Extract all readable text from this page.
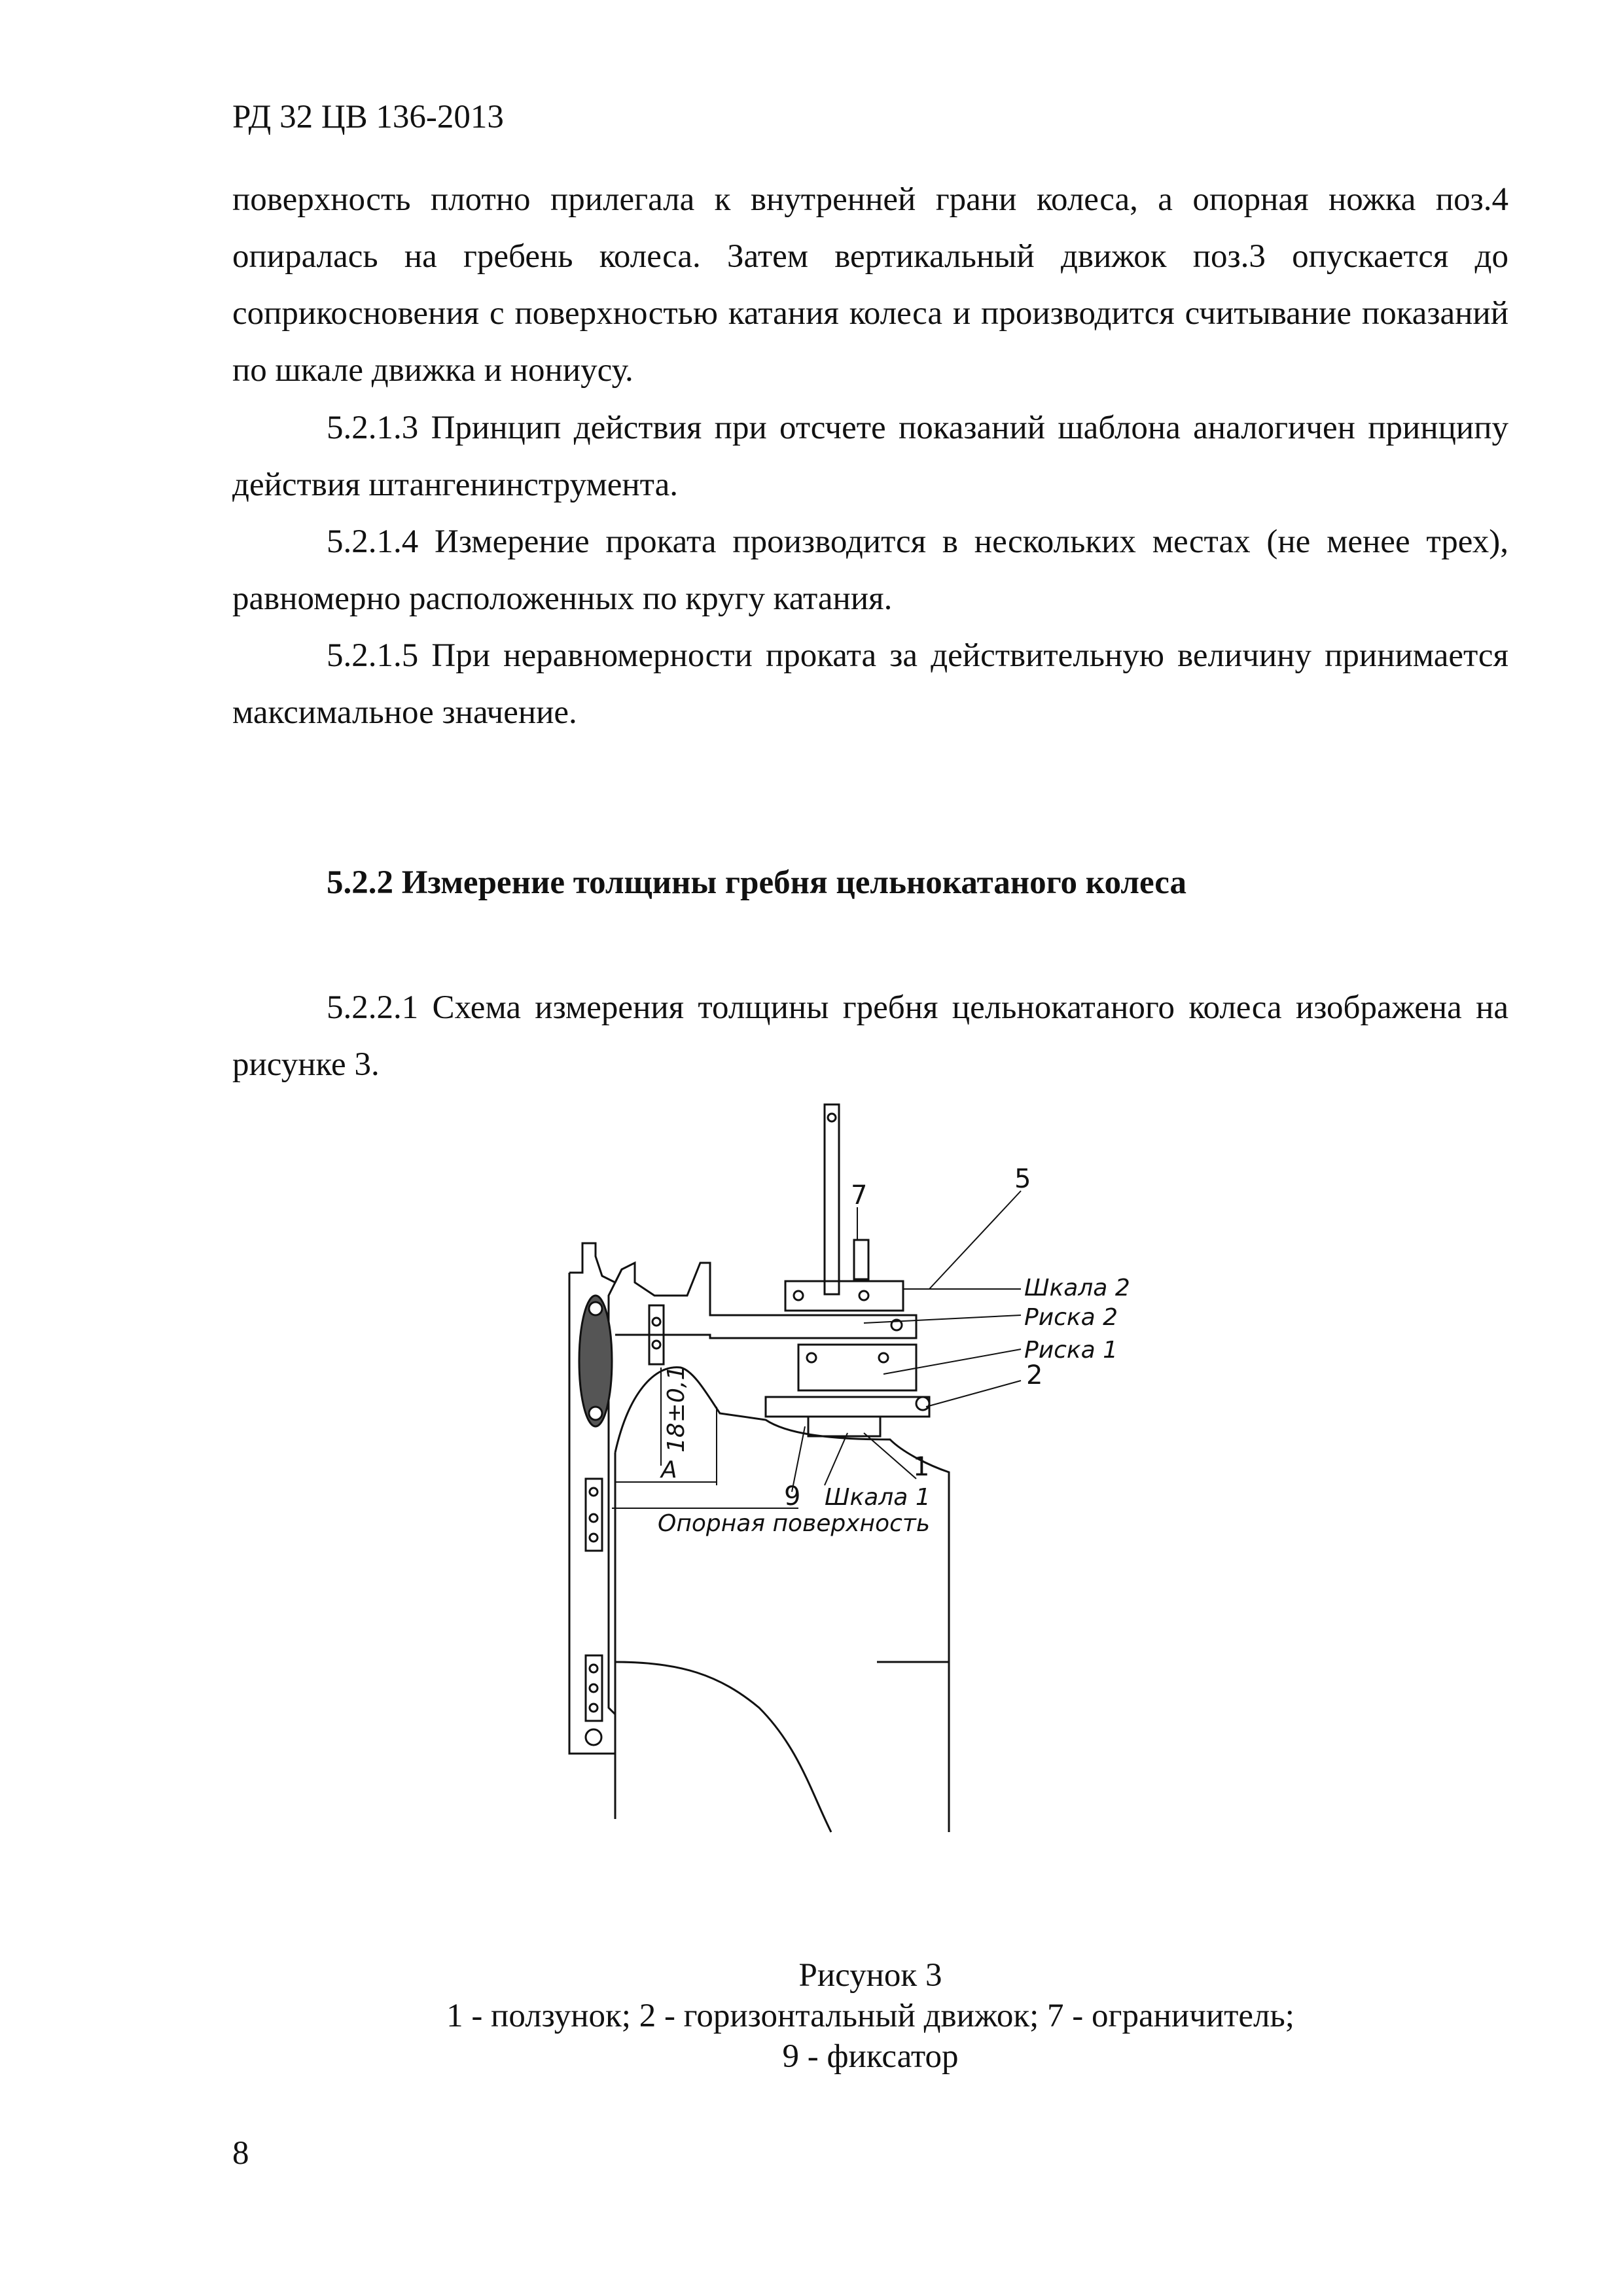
РД 32 ЦВ 136-2013
поверхность плотно прилегала к внутренней грани колеса, а опорная ножка поз.4 опиралась на гребень колеса. Затем вертикальный движок поз.3 опускается до соприкосновения с поверхностью катания колеса и производится считывание показаний по шкале движка и нониусу.
5.2.1.3 Принцип действия при отсчете показаний шаблона аналогичен принципу действия штангенинструмента.
5.2.1.4 Измерение проката производится в нескольких местах (не менее трех), равномерно расположенных по кругу катания.
5.2.1.5 При неравномерности проката за действительную величину принимается максимальное значение.
5.2.2 Измерение толщины гребня цельнокатаного колеса
5.2.2.1 Схема измерения толщины гребня цельнокатаного колеса изображена на рисунке 3.
7
5
Шкала 2
Риска 2
Риска 1
2
1
9 Шкала 1
Опорная поверхность
18±0,1
А
Рисунок 3
1 - ползунок; 2 - горизонтальный движок; 7 - ограничитель;
9 - фиксатор
8
